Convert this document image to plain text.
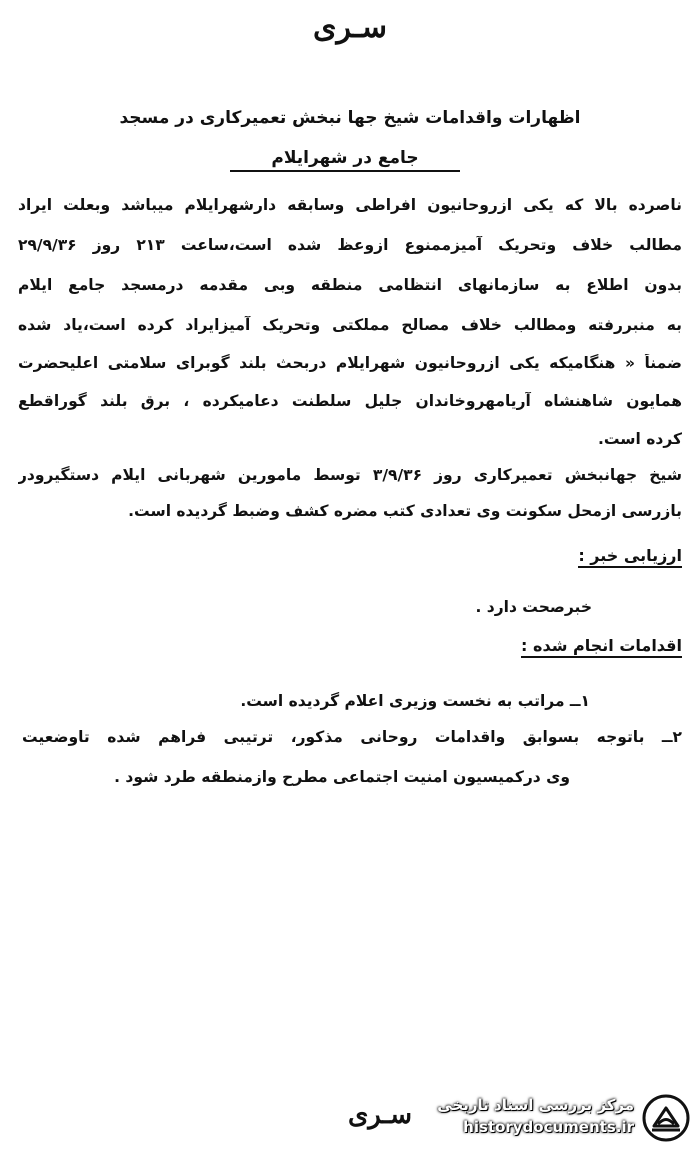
سـری
اظهارات واقدامات شیخ جها نبخش تعمیرکاری در مسجد
جامع در شهرایلام
ناصرده بالا که یکی ازروحانیون افراطی وسابقه دارشهرایلام میباشد وبعلت ایراد
مطالب خلاف وتحریک آمیزممنوع ازوعظ شده است،ساعت ۲۱۳ روز ۲۹/۹/۳۶
بدون اطلاع به سازمانهای انتظامی منطقه وبی مقدمه درمسجد جامع ایلام
به منبررفته ومطالب خلاف مصالح مملکتی وتحریک آمیزایراد کرده است،یاد شده
ضمناً « هنگامیکه یکی ازروحانیون شهرایلام دربحث بلند گوبرای سلامتی اعلیحضرت
همایون شاهنشاه آریامهروخاندان جلیل سلطنت دعامیکرده ، برق بلند گوراقطع
کرده است.
شیخ جهانبخش تعمیرکاری روز ۳/۹/۳۶ توسط مامورین شهربانی ایلام دستگیرودر
بازرسی ازمحل سکونت وی تعدادی کتب مضره کشف وضبط گردیده است.
ارزیابی خبر :
خبرصحت دارد .
اقدامات انجام شده :
۱ــ مراتب به نخست وزیری اعلام گردیده است.
۲ــ باتوجه بسوابق واقدامات روحانی مذکور، ترتیبی فراهم شده تاوضعیت
وی درکمیسیون امنیت اجتماعی مطرح وازمنطقه طرد شود .
سـری	مرکز بررسی اسناد تاریخی
historydocuments.ir
